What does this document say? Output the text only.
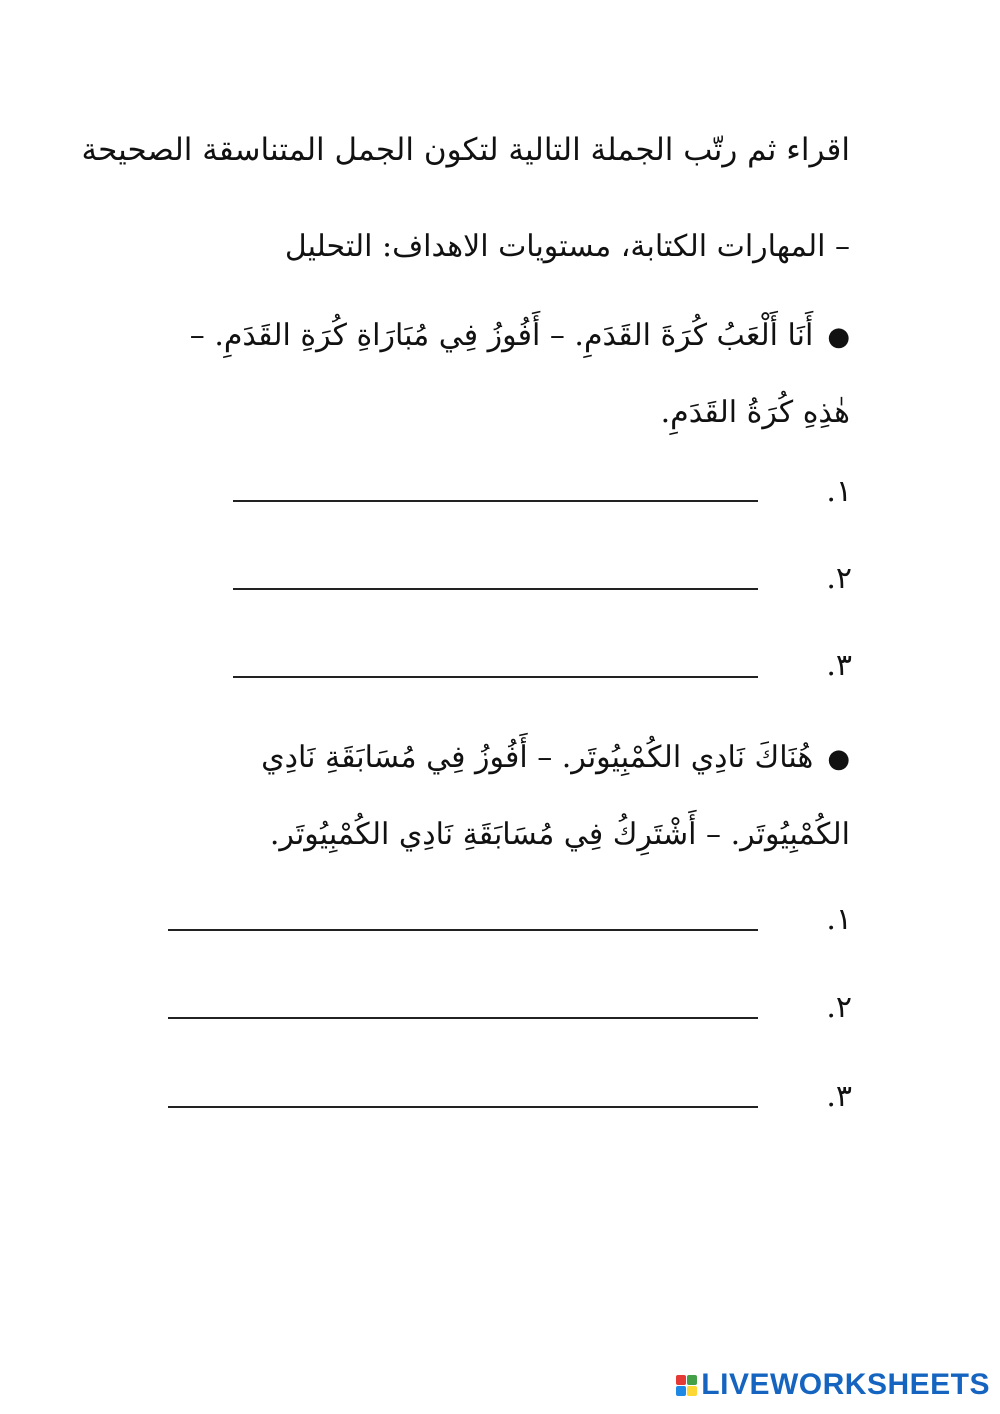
اقراء ثم رتّب الجملة التالية لتكون الجمل المتناسقة الصحيحة
– المهارات الكتابة، مستويات الاهداف: التحليل
●أَنَا أَلْعَبُ كُرَةَ القَدَمِ. – أَفُوزُ فِي مُبَارَاةِ كُرَةِ القَدَمِ. – هٰذِهِ كُرَةُ القَدَمِ.
١.
٢.
٣.
●هُنَاكَ نَادِي الكُمْبِيُوتَر. – أَفُوزُ فِي مُسَابَقَةِ نَادِي الكُمْبِيُوتَر. – أَشْتَرِكُ فِي مُسَابَقَةِ نَادِي الكُمْبِيُوتَر.
١.
٢.
٣.
LIVEWORKSHEETS
